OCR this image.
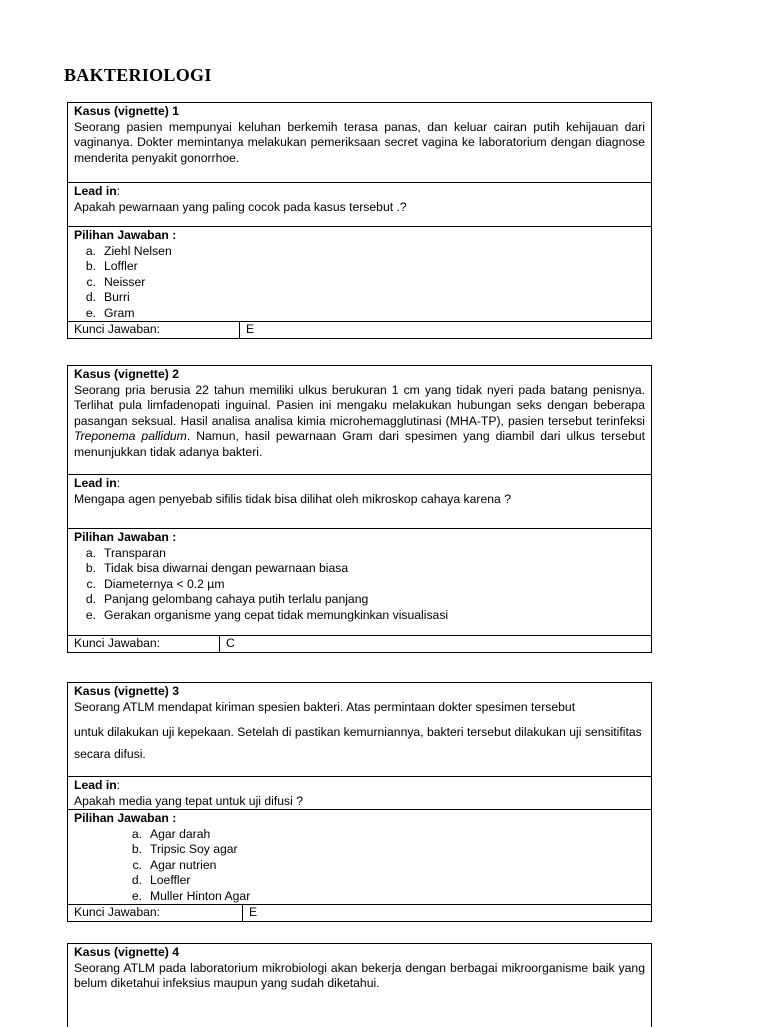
BAKTERIOLOGI
Kasus (vignette) 1
Seorang pasien mempunyai keluhan berkemih terasa panas, dan keluar cairan putih kehijauan dari vaginanya. Dokter memintanya melakukan pemeriksaan secret vagina ke laboratorium dengan diagnose menderita penyakit gonorrhoe.
Lead in:
Apakah pewarnaan yang paling cocok pada kasus tersebut .?
Pilihan Jawaban :
a. Ziehl Nelsen
b. Loffler
c. Neisser
d. Burri
e. Gram
Kunci Jawaban:	E
Kasus (vignette) 2
Seorang pria berusia 22 tahun memiliki ulkus berukuran 1 cm yang tidak nyeri pada batang penisnya. Terlihat pula limfadenopati inguinal. Pasien ini mengaku melakukan hubungan seks dengan beberapa pasangan seksual. Hasil analisa analisa kimia microhemagglutinasi (MHA-TP), pasien tersebut terinfeksi Treponema pallidum. Namun, hasil pewarnaan Gram dari spesimen yang diambil dari ulkus tersebut menunjukkan tidak adanya bakteri.
Lead in:
Mengapa agen penyebab sifilis tidak bisa dilihat oleh mikroskop cahaya karena ?
Pilihan Jawaban :
a. Transparan
b. Tidak bisa diwarnai dengan pewarnaan biasa
c. Diameternya < 0.2 µm
d. Panjang gelombang cahaya putih terlalu panjang
e. Gerakan organisme yang cepat tidak memungkinkan visualisasi
Kunci Jawaban:	C
Kasus (vignette) 3
Seorang ATLM mendapat kiriman spesien bakteri. Atas permintaan dokter spesimen tersebut
untuk dilakukan uji kepekaan. Setelah di pastikan kemurniannya, bakteri tersebut dilakukan uji sensitifitas secara difusi.
Lead in:
Apakah media yang tepat untuk uji difusi ?
Pilihan Jawaban :
a. Agar darah
b. Tripsic Soy agar
c. Agar nutrien
d. Loeffler
e. Muller Hinton Agar
Kunci Jawaban:	E
Kasus (vignette) 4
Seorang ATLM pada laboratorium mikrobiologi akan bekerja dengan berbagai mikroorganisme baik yang belum diketahui infeksius maupun yang sudah diketahui.
